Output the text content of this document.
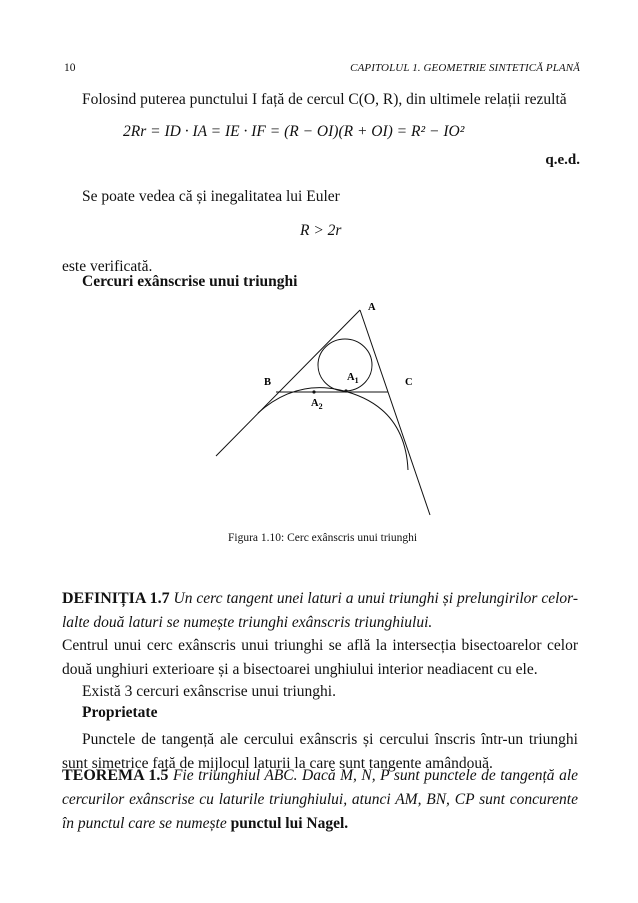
10	CAPITOLUL 1. GEOMETRIE SINTETICĂ PLANĂ
Folosind puterea punctului I față de cercul C(O, R), din ultimele relații rezultă
2Rr = ID · IA = IE · IF = (R − OI)(R + OI) = R² − IO²
q.e.d.
Se poate vedea că și inegalitatea lui Euler
R > 2r
este verificată.
Cercuri exânscrise unui triunghi
A
B	C
$A_1$
$A_2$
Figura 1.10: Cerc exânscris unui triunghi
DEFINIȚIA 1.7 Un cerc tangent unei laturi a unui triunghi și prelungirilor celor-lalte două laturi se numește triunghi exânscris triunghiului.
Centrul unui cerc exânscris unui triunghi se află la intersecția bisectoarelor celor două unghiuri exterioare și a bisectoarei unghiului interior neadiacent cu ele.
Există 3 cercuri exânscrise unui triunghi.
Proprietate
Punctele de tangență ale cercului exânscris și cercului înscris într-un triunghi sunt simetrice față de mijlocul laturii la care sunt tangente amândouă.
TEOREMA 1.5 Fie triunghiul ABC. Dacă M, N, P sunt punctele de tangență ale cercurilor exânscrise cu laturile triunghiului, atunci AM, BN, CP sunt concurente în punctul care se numește punctul lui Nagel.
